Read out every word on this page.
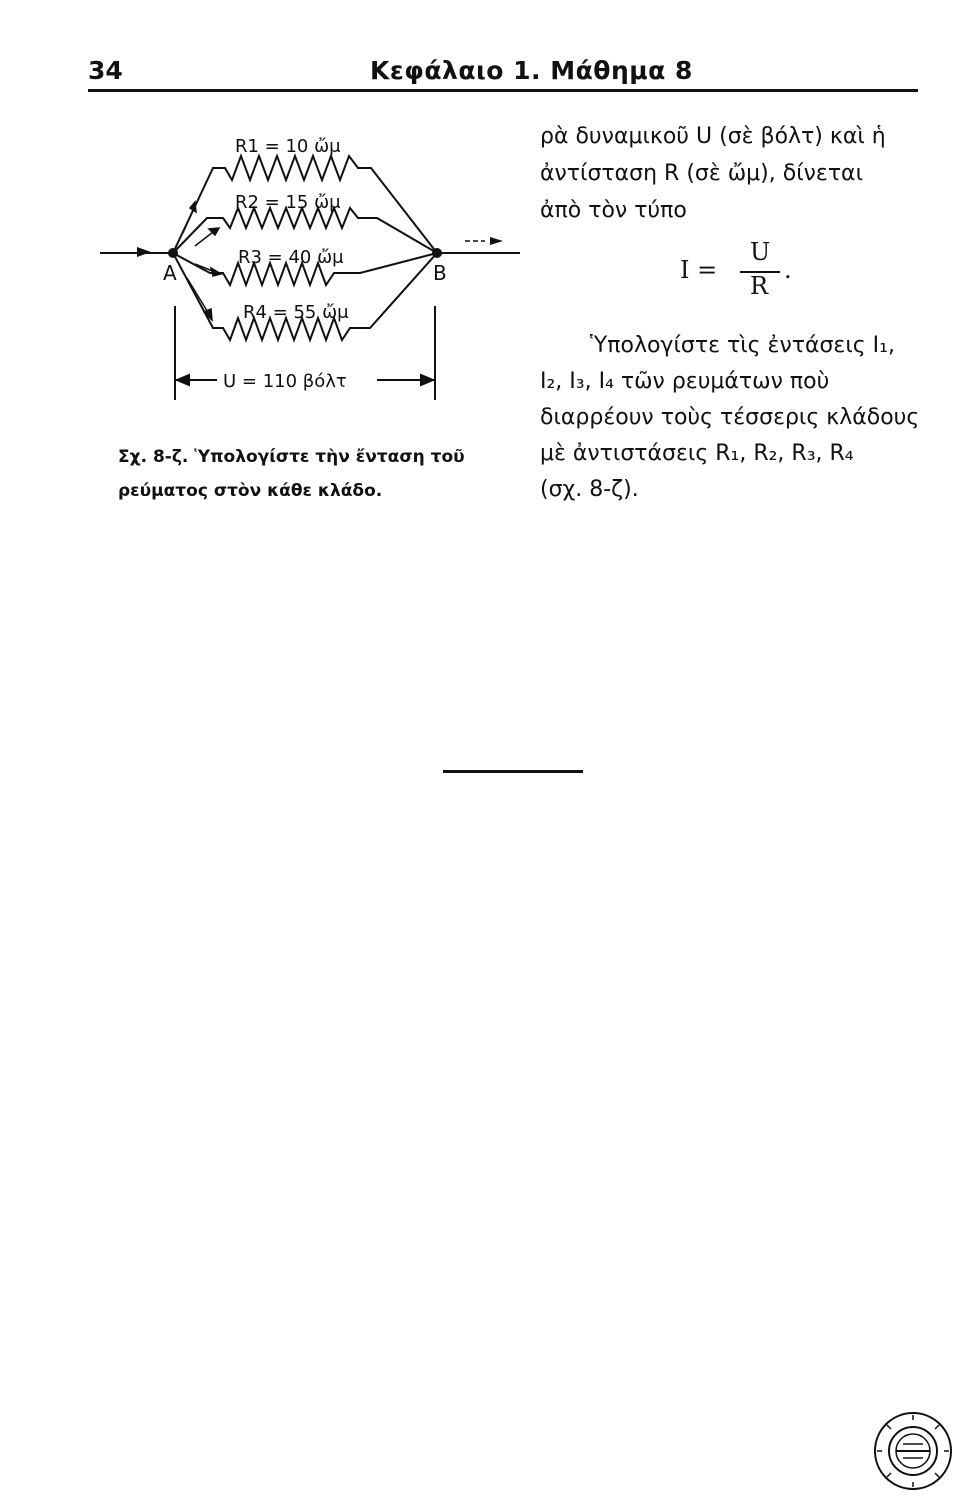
34	Κεφάλαιο 1. Μάθημα 8
A	B
R1 = 10 ὤμ
R2 = 15 ὤμ
R3 = 40 ὤμ
R4 = 55 ὤμ
U = 110 βόλτ
Σχ. 8-ζ. Ὑπολογίστε τὴν ἔνταση τοῦ

ρεύματος στὸν κάθε κλάδο.

ρὰ δυναμικοῦ U (σὲ βόλτ) καὶ ἡ

ἀντίσταση R (σὲ ὤμ), δίνεται

ἀπὸ τὸν τύπο

I =
U
R
.

Ὑπολογίστε τὶς ἐντάσεις I₁,

I₂, I₃, I₄ τῶν ρευμάτων ποὺ

διαρρέουν τοὺς τέσσερις κλάδους

μὲ ἀντιστάσεις R₁, R₂, R₃, R₄

(σχ. 8-ζ).
